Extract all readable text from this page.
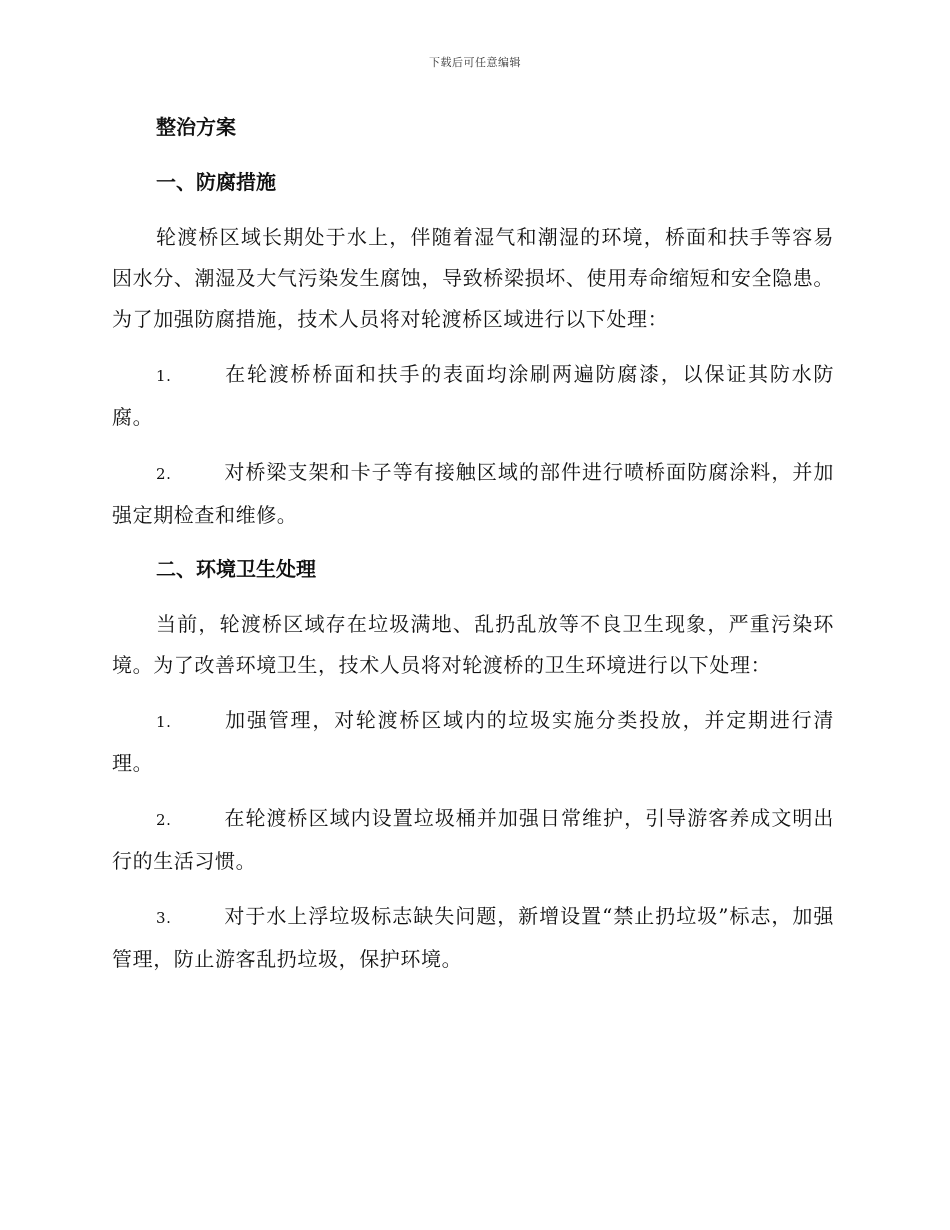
下载后可任意编辑
整治方案
一、防腐措施

轮渡桥区域长期处于水上，伴随着湿气和潮湿的环境，桥面和扶手等容易因水分、潮湿及大气污染发生腐蚀，导致桥梁损坏、使用寿命缩短和安全隐患。为了加强防腐措施，技术人员将对轮渡桥区域进行以下处理：

1.	在轮渡桥桥面和扶手的表面均涂刷两遍防腐漆，以保证其防水防腐。

2.	对桥梁支架和卡子等有接触区域的部件进行喷桥面防腐涂料，并加强定期检查和维修。

二、环境卫生处理

当前，轮渡桥区域存在垃圾满地、乱扔乱放等不良卫生现象，严重污染环境。为了改善环境卫生，技术人员将对轮渡桥的卫生环境进行以下处理：

1.	加强管理，对轮渡桥区域内的垃圾实施分类投放，并定期进行清理。

2.	在轮渡桥区域内设置垃圾桶并加强日常维护，引导游客养成文明出行的生活习惯。

3.	对于水上浮垃圾标志缺失问题，新增设置“禁止扔垃圾”标志，加强管理，防止游客乱扔垃圾，保护环境。
